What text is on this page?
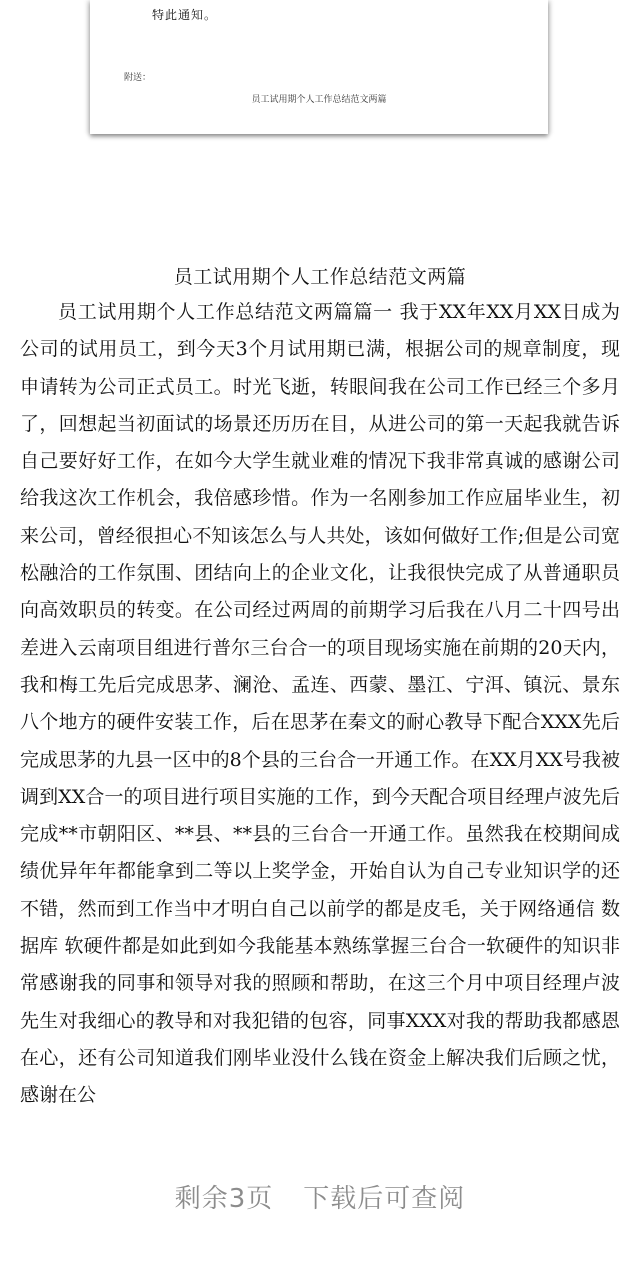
特此通知。
附送：
员工试用期个人工作总结范文两篇
员工试用期个人工作总结范文两篇

员工试用期个人工作总结范文两篇篇一 我于XX年XX月XX日成为公司的试用员工，到今天3个月试用期已满，根据公司的规章制度，现申请转为公司正式员工。时光飞逝，转眼间我在公司工作已经三个多月了，回想起当初面试的场景还历历在目，从进公司的第一天起我就告诉自己要好好工作，在如今大学生就业难的情况下我非常真诚的感谢公司给我这次工作机会，我倍感珍惜。作为一名刚参加工作应届毕业生，初来公司，曾经很担心不知该怎么与人共处，该如何做好工作;但是公司宽松融洽的工作氛围、团结向上的企业文化，让我很快完成了从普通职员向高效职员的转变。在公司经过两周的前期学习后我在八月二十四号出差进入云南项目组进行普尔三台合一的项目现场实施在前期的20天内，我和梅工先后完成思茅、澜沧、孟连、西蒙、墨江、宁洱、镇沅、景东八个地方的硬件安装工作，后在思茅在秦文的耐心教导下配合XXX先后完成思茅的九县一区中的8个县的三台合一开通工作。在XX月XX号我被调到XX合一的项目进行项目实施的工作，到今天配合项目经理卢波先后完成**市朝阳区、**县、**县的三台合一开通工作。虽然我在校期间成绩优异年年都能拿到二等以上奖学金，开始自认为自己专业知识学的还不错，然而到工作当中才明白自己以前学的都是皮毛，关于网络通信 数据库 软硬件都是如此到如今我能基本熟练掌握三台合一软硬件的知识非常感谢我的同事和领导对我的照顾和帮助，在这三个月中项目经理卢波先生对我细心的教导和对我犯错的包容，同事XXX对我的帮助我都感恩在心，还有公司知道我们刚毕业没什么钱在资金上解决我们后顾之忧，感谢在公

剩余3页 下载后可查阅
